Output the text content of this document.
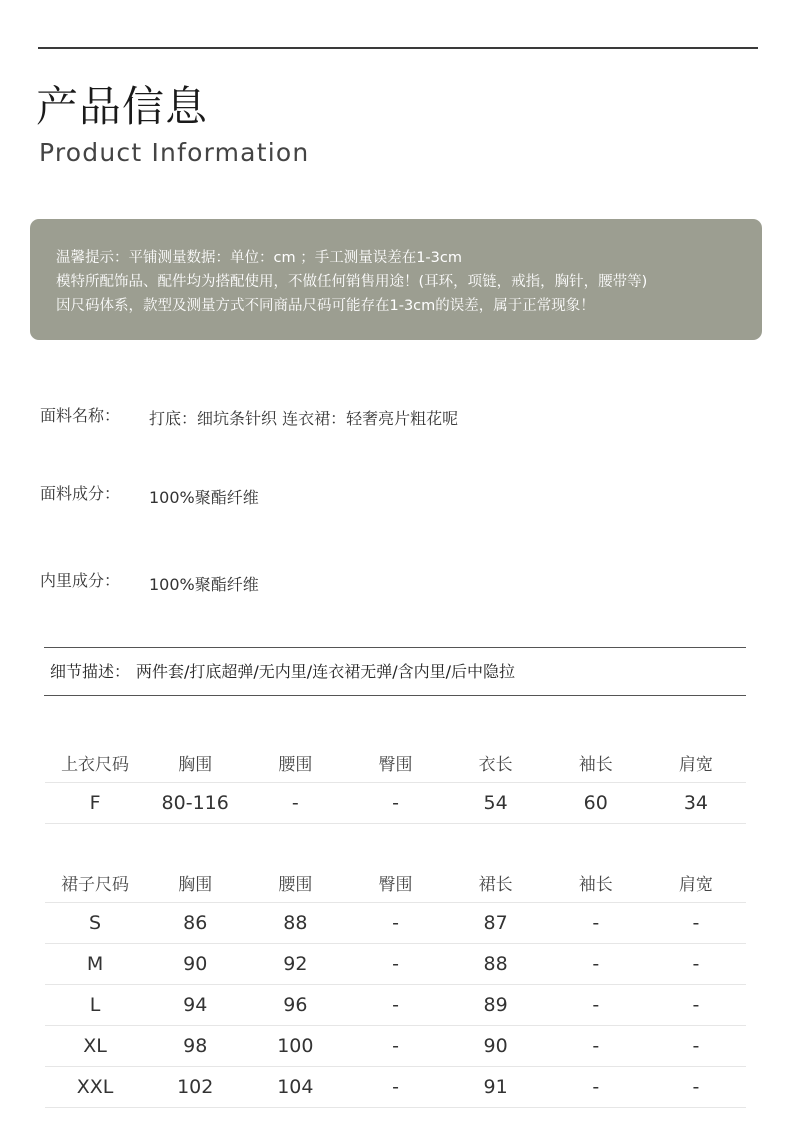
产品信息
Product Information
温馨提示：平铺测量数据：单位：cm ；手工测量误差在1-3cm
模特所配饰品、配件均为搭配使用，不做任何销售用途！(耳环，项链，戒指，胸针，腰带等)
因尺码体系，款型及测量方式不同商品尺码可能存在1-3cm的误差，属于正常现象！
面料名称： 打底：细坑条针织 连衣裙：轻奢亮片粗花呢
面料成分： 100%聚酯纤维
内里成分： 100%聚酯纤维
细节描述： 两件套/打底超弹/无内里/连衣裙无弹/含内里/后中隐拉
上衣尺码	胸围	腰围	臀围	衣长	袖长	肩宽
F	80-116	-	-	54	60	34
裙子尺码	胸围	腰围	臀围	裙长	袖长	肩宽
S	86	88	-	87	-	-
M	90	92	-	88	-	-
L	94	96	-	89	-	-
XL	98	100	-	90	-	-
XXL	102	104	-	91	-	-
